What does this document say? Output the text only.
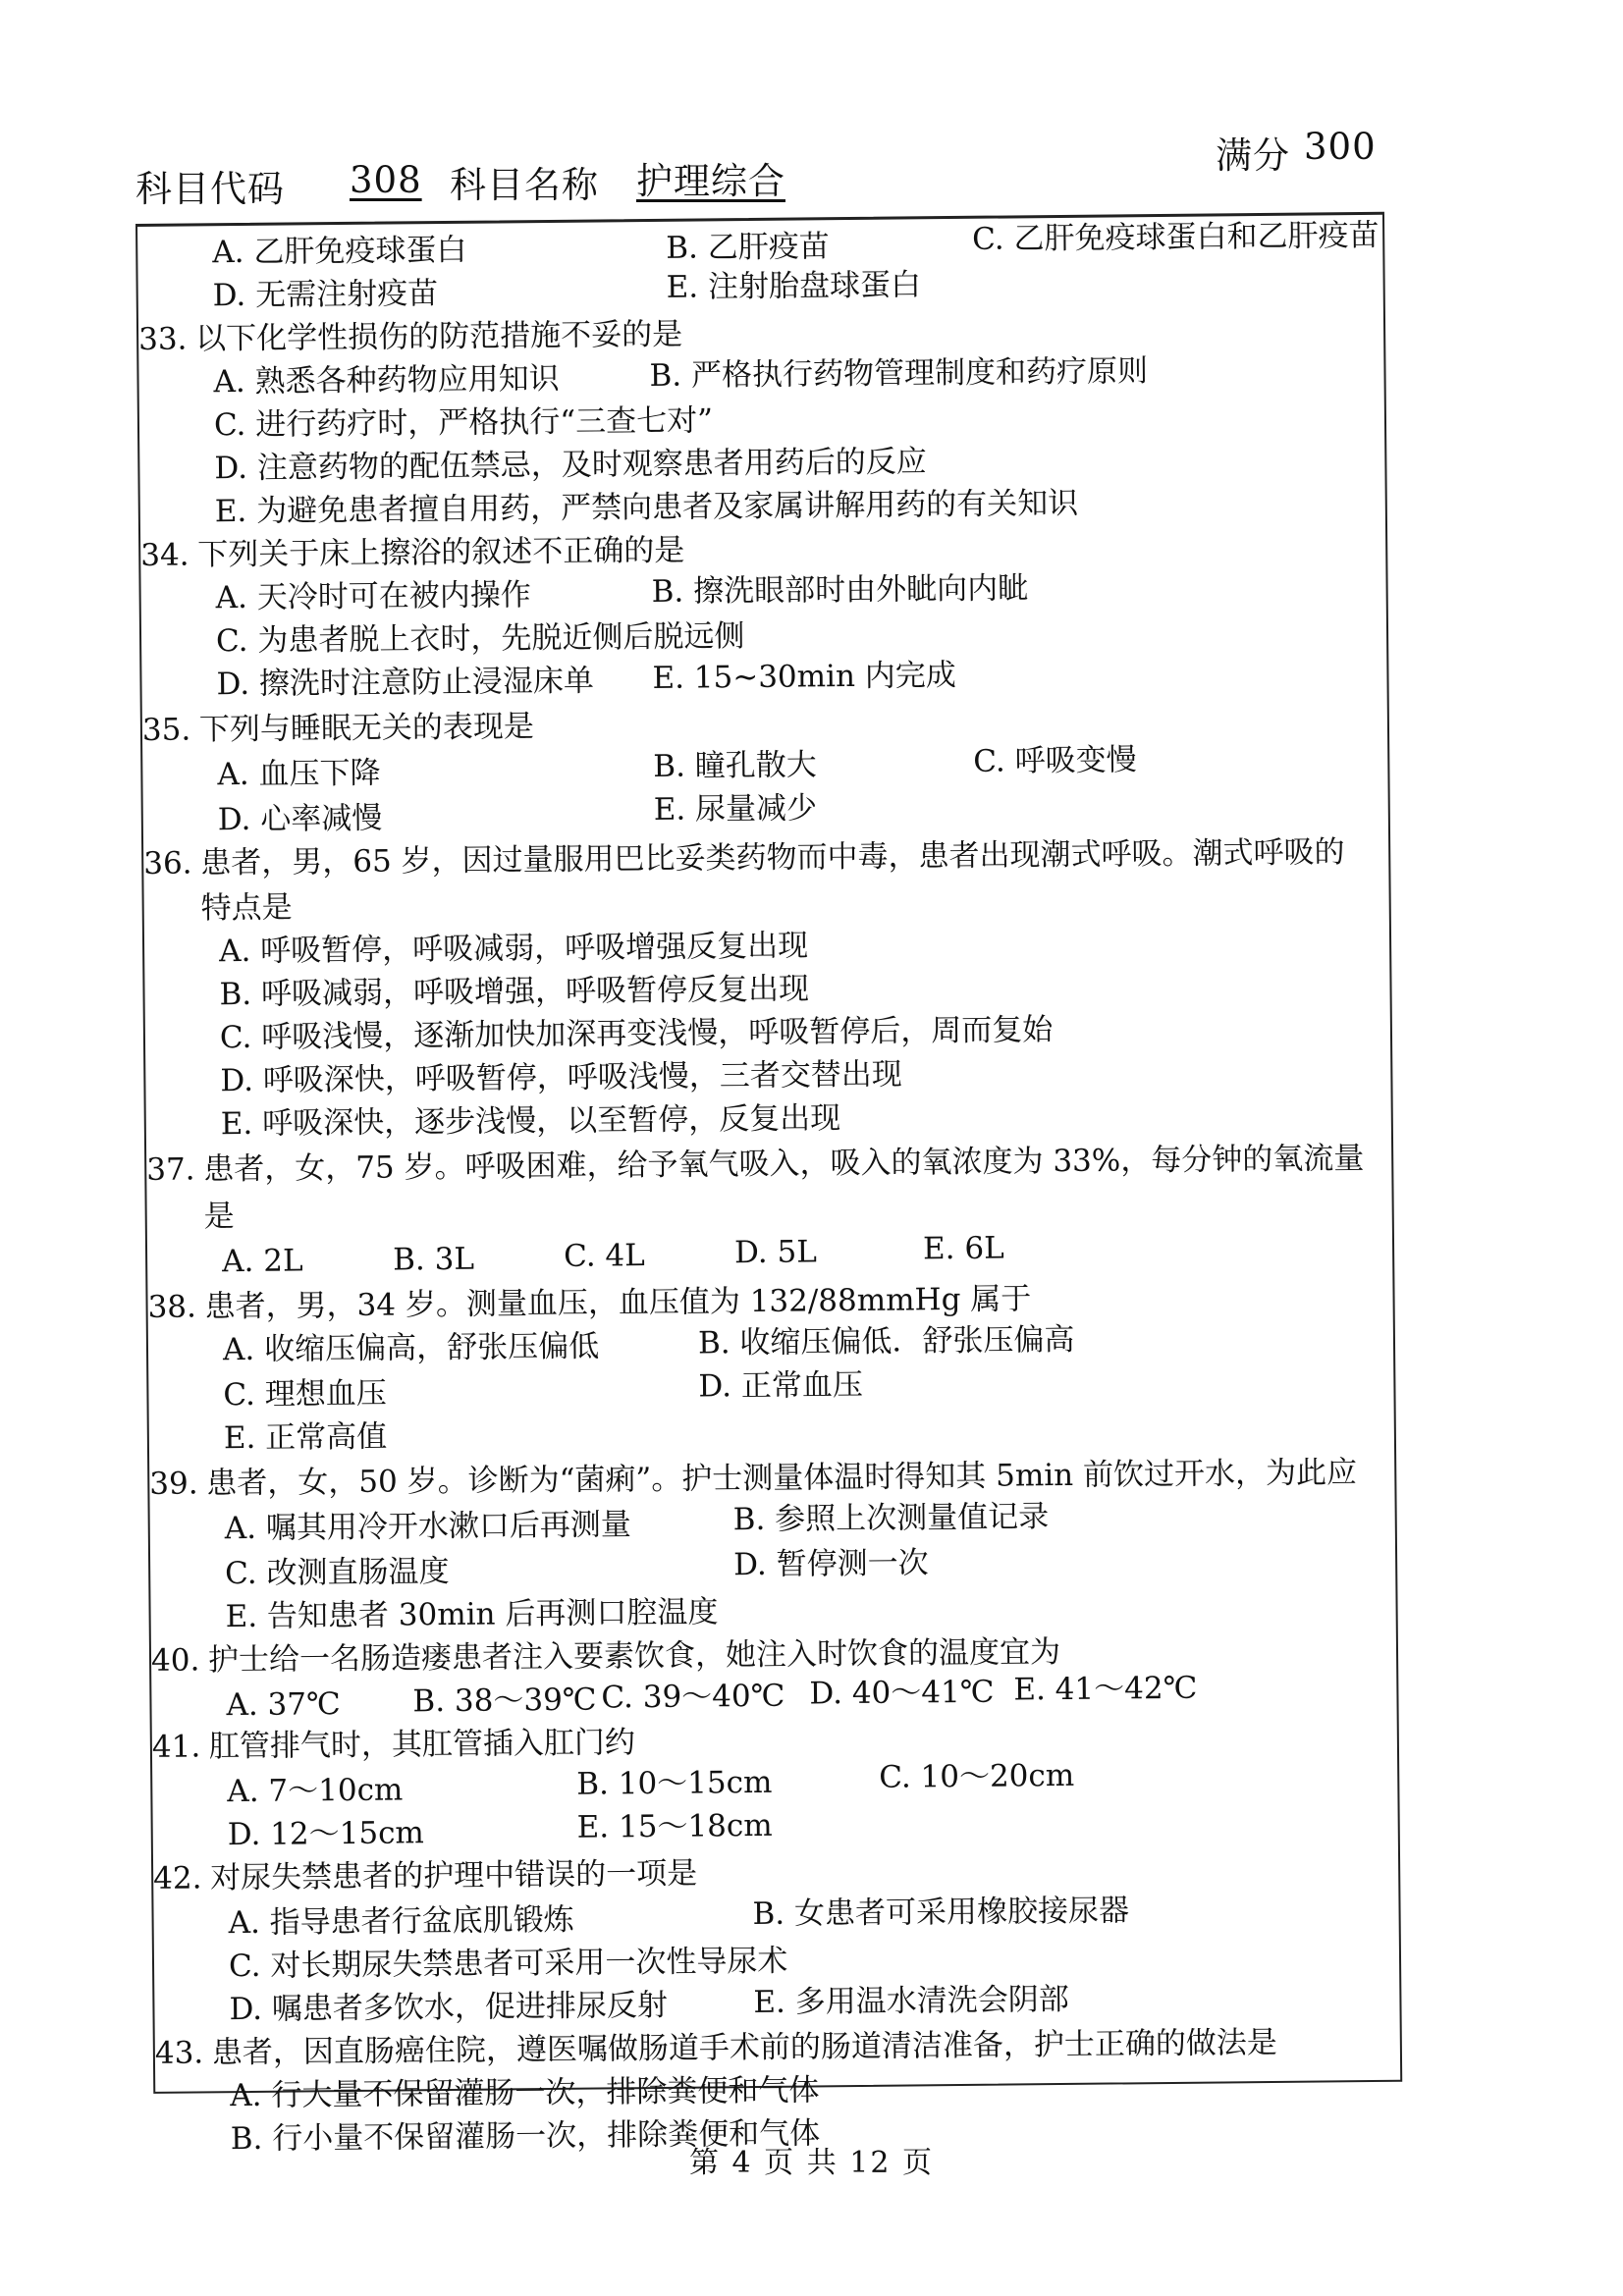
科目代码 308 科目名称 护理综合
满分 300
A. 乙肝免疫球蛋白	B. 乙肝疫苗	C. 乙肝免疫球蛋白和乙肝疫苗
D. 无需注射疫苗	E. 注射胎盘球蛋白
33. 以下化学性损伤的防范措施不妥的是
A. 熟悉各种药物应用知识	B. 严格执行药物管理制度和药疗原则
C. 进行药疗时，严格执行“三查七对”
D. 注意药物的配伍禁忌，及时观察患者用药后的反应
E. 为避免患者擅自用药，严禁向患者及家属讲解用药的有关知识
34. 下列关于床上擦浴的叙述不正确的是
A. 天冷时可在被内操作	B. 擦洗眼部时由外眦向内眦
C. 为患者脱上衣时，先脱近侧后脱远侧
D. 擦洗时注意防止浸湿床单 E. 15~30min 内完成
35. 下列与睡眠无关的表现是
A. 血压下降	B. 瞳孔散大	C. 呼吸变慢
D. 心率减慢	E. 尿量减少
36. 患者，男，65 岁，因过量服用巴比妥类药物而中毒，患者出现潮式呼吸。潮式呼吸的
特点是
A. 呼吸暂停，呼吸减弱，呼吸增强反复出现
B. 呼吸减弱，呼吸增强，呼吸暂停反复出现
C. 呼吸浅慢，逐渐加快加深再变浅慢，呼吸暂停后，周而复始
D. 呼吸深快，呼吸暂停，呼吸浅慢，三者交替出现
E. 呼吸深快，逐步浅慢，以至暂停，反复出现
37. 患者，女，75 岁。呼吸困难，给予氧气吸入，吸入的氧浓度为 33%，每分钟的氧流量
是
A. 2L	B. 3L	C. 4L	D. 5L	E. 6L
38. 患者，男，34 岁。测量血压，血压值为 132/88mmHg 属于
A. 收缩压偏高，舒张压偏低	B. 收缩压偏低．舒张压偏高
C. 理想血压	D. 正常血压
E. 正常高值
39. 患者，女，50 岁。诊断为“菌痢”。护士测量体温时得知其 5min 前饮过开水，为此应
A. 嘱其用冷开水漱口后再测量	B. 参照上次测量值记录
C. 改测直肠温度	D. 暂停测一次
E. 告知患者 30min 后再测口腔温度
40. 护士给一名肠造瘘患者注入要素饮食，她注入时饮食的温度宜为
A. 37℃ B. 38～39℃ C. 39～40℃ D. 40～41℃ E. 41～42℃
41. 肛管排气时，其肛管插入肛门约
A. 7～10cm	B. 10～15cm	C. 10～20cm
D. 12～15cm	E. 15～18cm
42. 对尿失禁患者的护理中错误的一项是
A. 指导患者行盆底肌锻炼	B. 女患者可采用橡胶接尿器
C. 对长期尿失禁患者可采用一次性导尿术
D. 嘱患者多饮水，促进排尿反射	E. 多用温水清洗会阴部
43. 患者，因直肠癌住院，遵医嘱做肠道手术前的肠道清洁准备，护士正确的做法是
A. 行大量不保留灌肠一次，排除粪便和气体
B. 行小量不保留灌肠一次，排除粪便和气体
第 4 页 共 12 页
